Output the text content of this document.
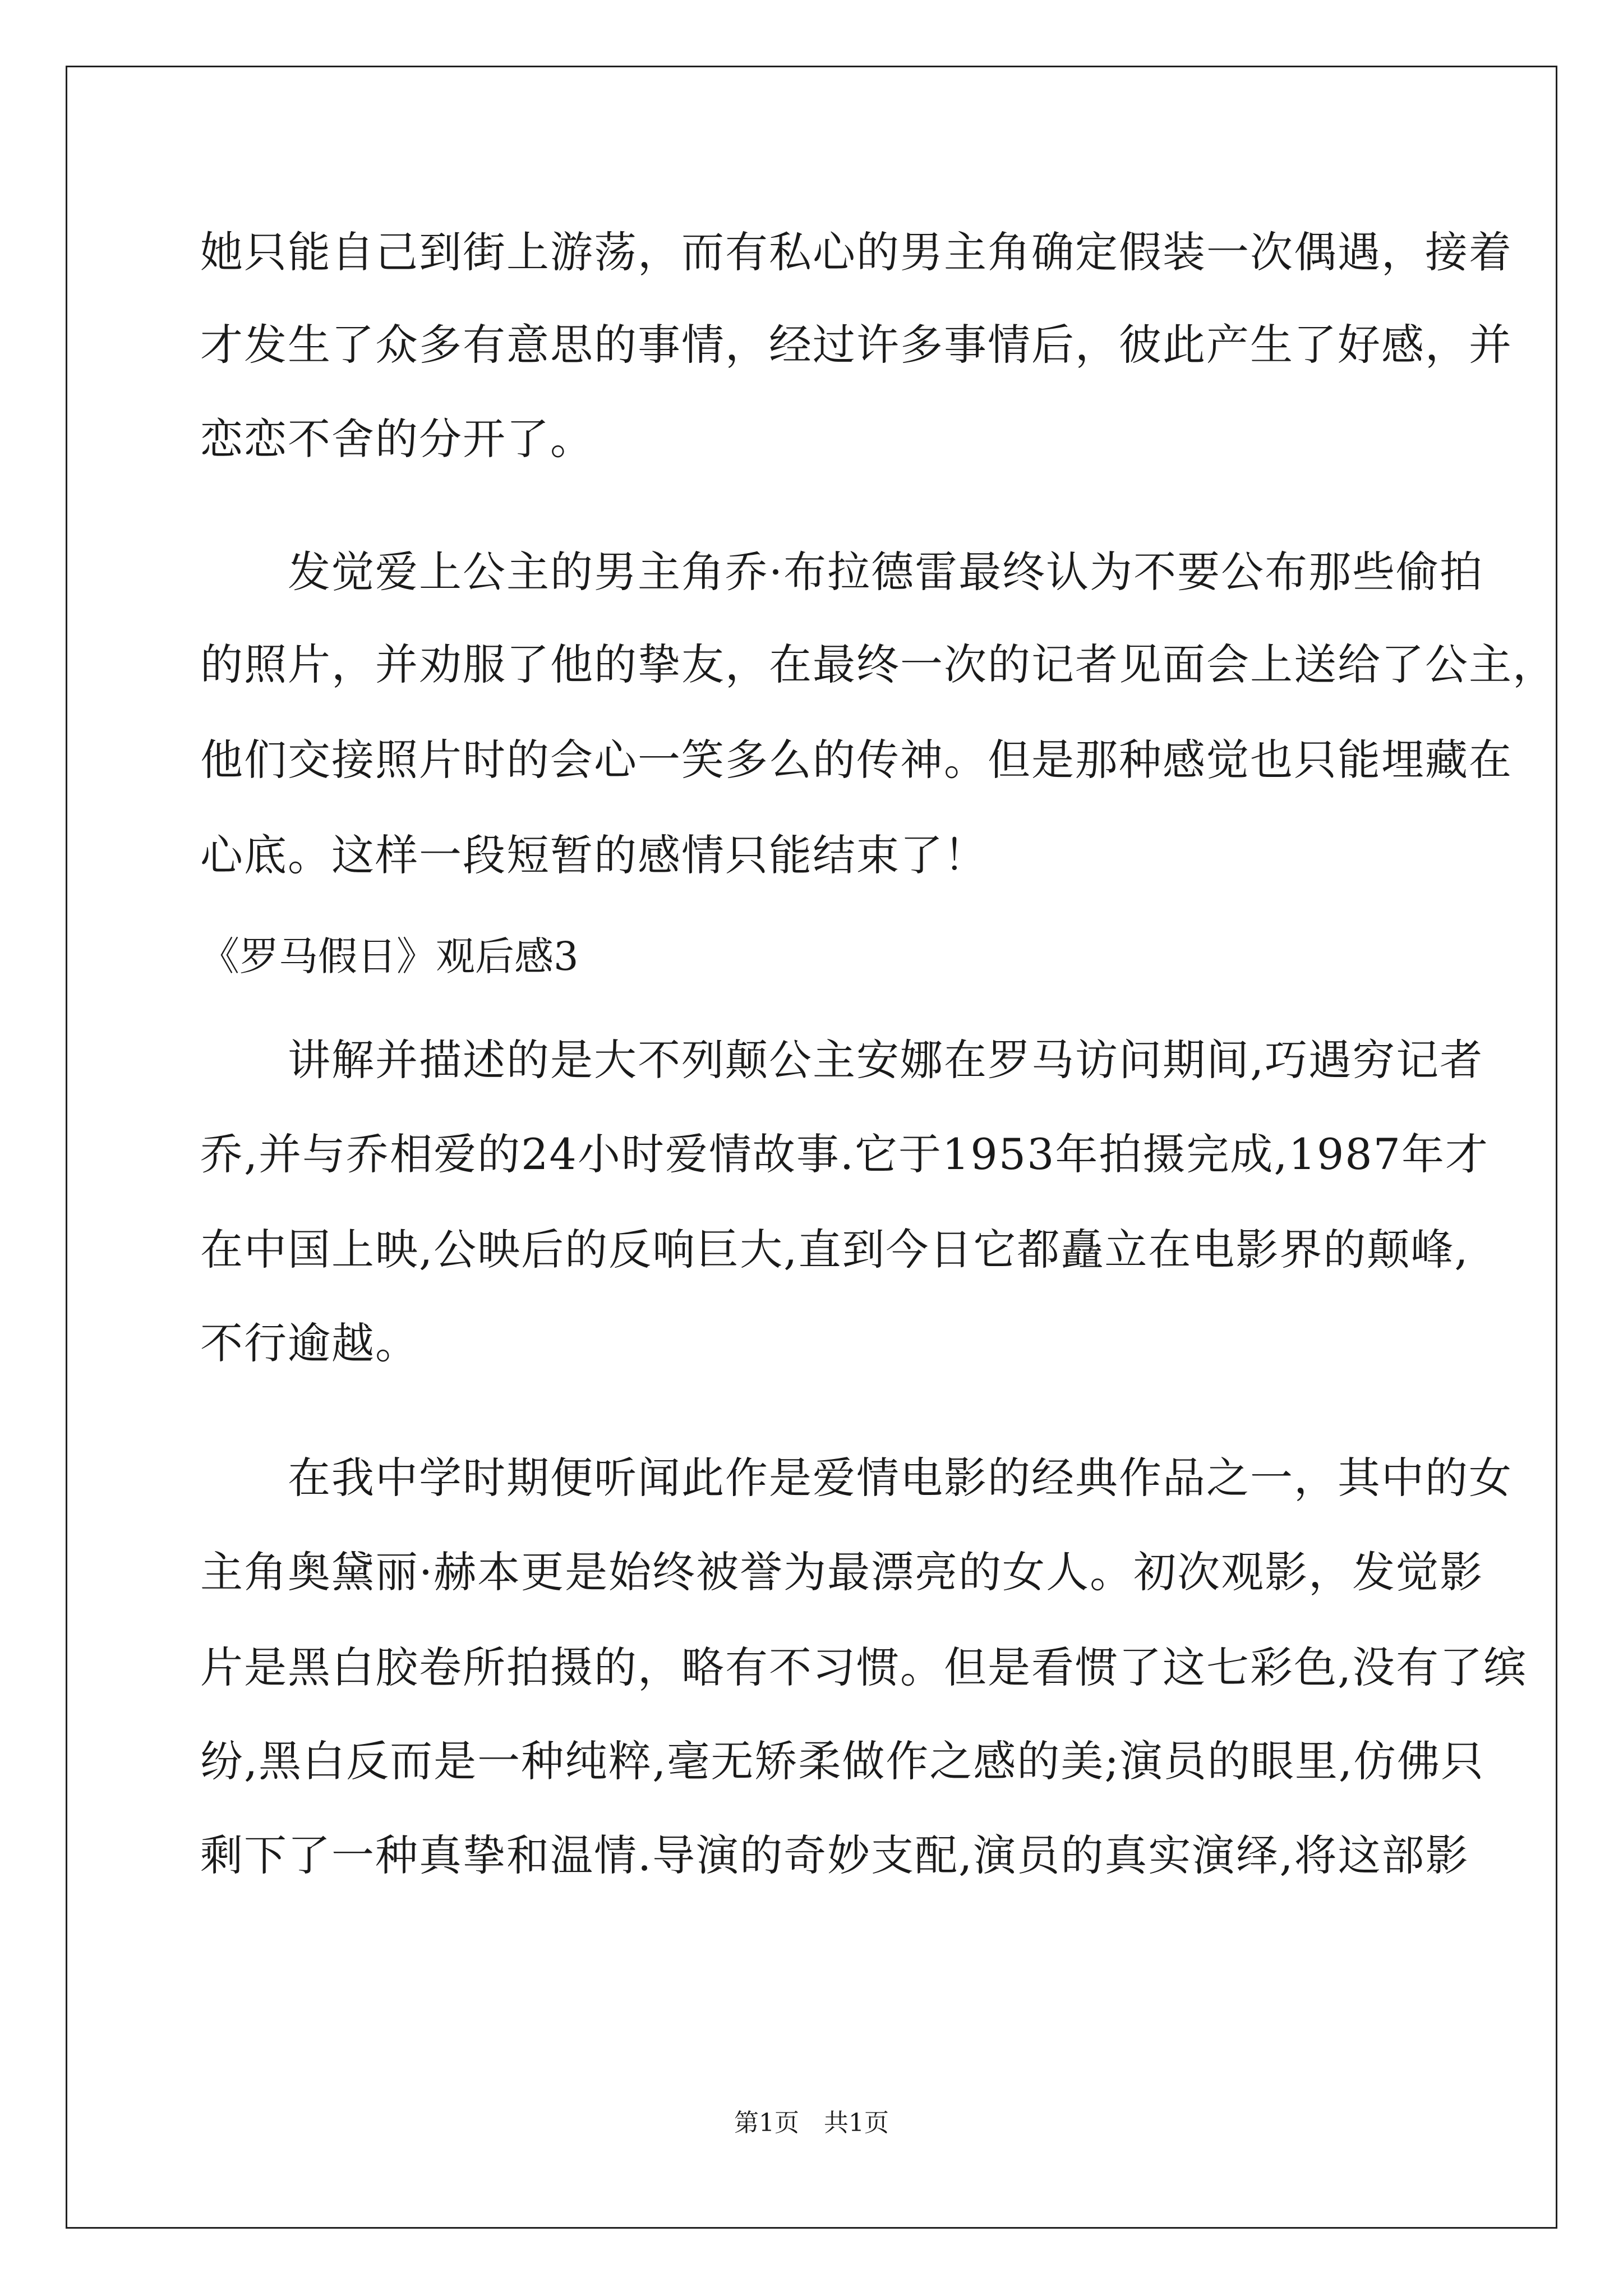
她只能自己到街上游荡，而有私心的男主角确定假装一次偶遇，接着
才发生了众多有意思的事情，经过许多事情后，彼此产生了好感，并
恋恋不舍的分开了。
　　发觉爱上公主的男主角乔·布拉德雷最终认为不要公布那些偷拍
的照片，并劝服了他的挚友，在最终一次的记者见面会上送给了公主，
他们交接照片时的会心一笑多么的传神。但是那种感觉也只能埋藏在
心底。这样一段短暂的感情只能结束了！
《罗马假日》观后感3
　　讲解并描述的是大不列颠公主安娜在罗马访问期间,巧遇穷记者
乔,并与乔相爱的24小时爱情故事.它于1953年拍摄完成,1987年才
在中国上映,公映后的反响巨大,直到今日它都矗立在电影界的颠峰,
不行逾越。
　　在我中学时期便听闻此作是爱情电影的经典作品之一，其中的女
主角奥黛丽·赫本更是始终被誉为最漂亮的女人。初次观影，发觉影
片是黑白胶卷所拍摄的，略有不习惯。但是看惯了这七彩色,没有了缤
纷,黑白反而是一种纯粹,毫无矫柔做作之感的美;演员的眼里,仿佛只
剩下了一种真挚和温情.导演的奇妙支配,演员的真实演绎,将这部影
第1页　共1页
